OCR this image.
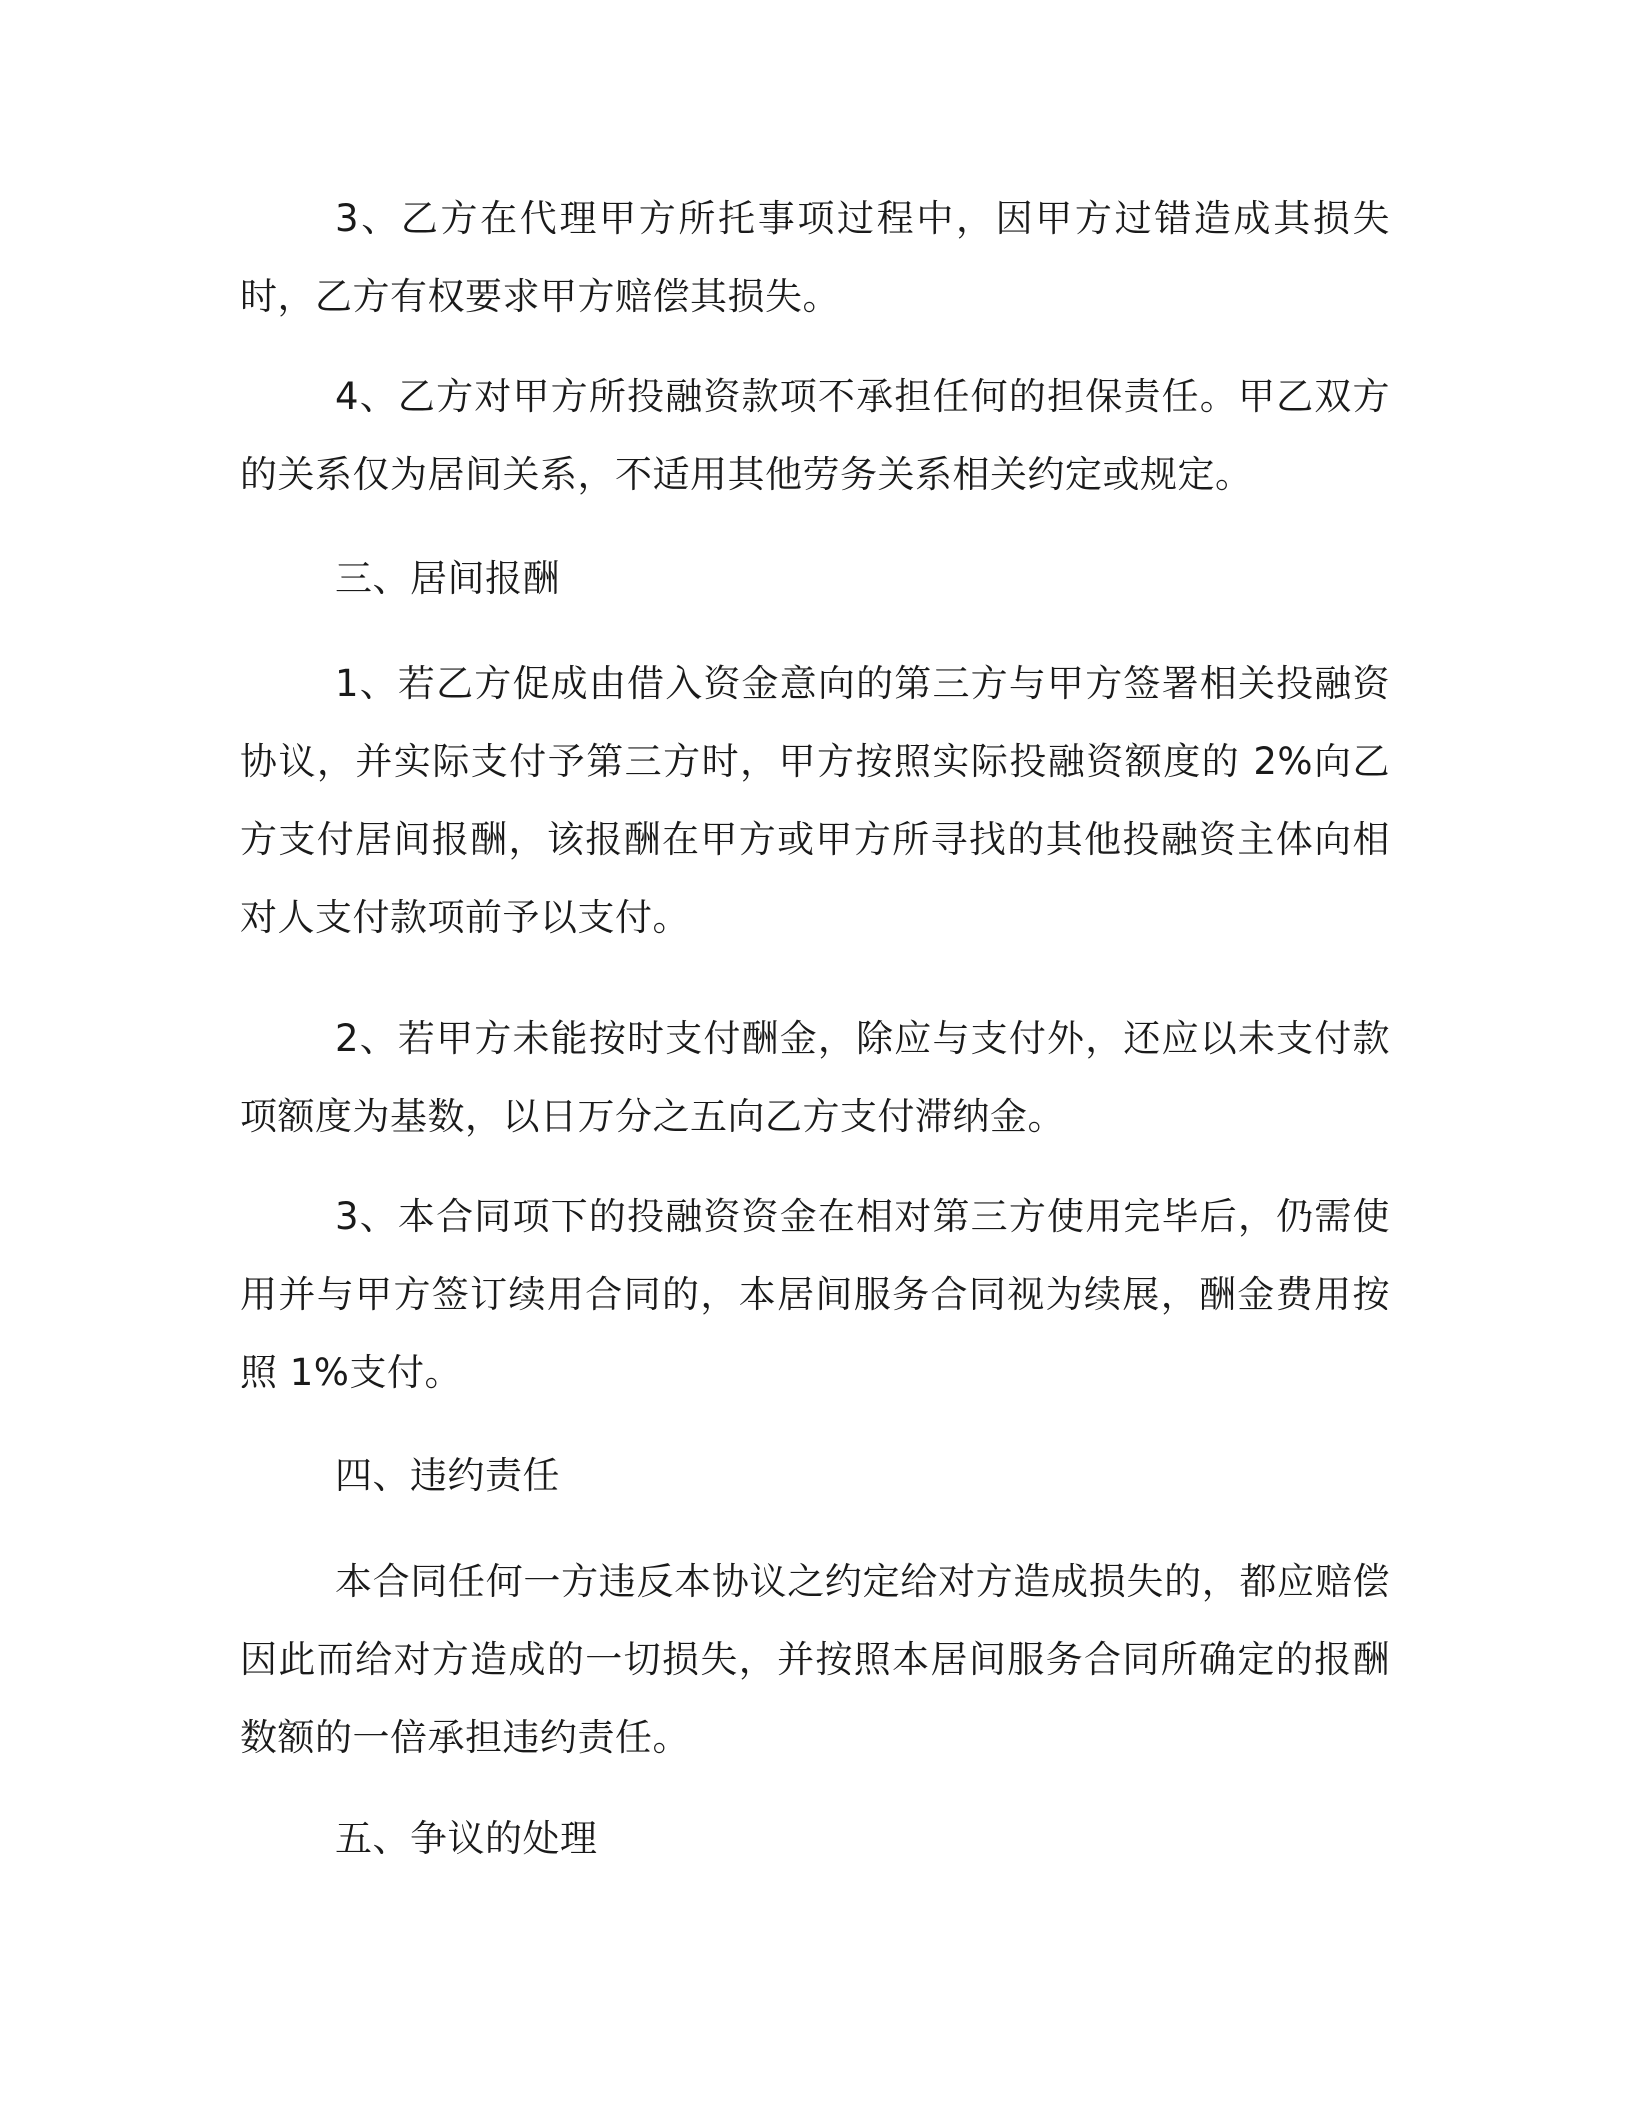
3、乙方在代理甲方所托事项过程中，因甲方过错造成其损失时，乙方有权要求甲方赔偿其损失。

4、乙方对甲方所投融资款项不承担任何的担保责任。甲乙双方的关系仅为居间关系，不适用其他劳务关系相关约定或规定。

三、居间报酬

1、若乙方促成由借入资金意向的第三方与甲方签署相关投融资协议，并实际支付予第三方时，甲方按照实际投融资额度的 2%向乙方支付居间报酬，该报酬在甲方或甲方所寻找的其他投融资主体向相对人支付款项前予以支付。

2、若甲方未能按时支付酬金，除应与支付外，还应以未支付款项额度为基数，以日万分之五向乙方支付滞纳金。

3、本合同项下的投融资资金在相对第三方使用完毕后，仍需使用并与甲方签订续用合同的，本居间服务合同视为续展，酬金费用按照 1%支付。

四、违约责任

本合同任何一方违反本协议之约定给对方造成损失的，都应赔偿因此而给对方造成的一切损失，并按照本居间服务合同所确定的报酬数额的一倍承担违约责任。

五、争议的处理
